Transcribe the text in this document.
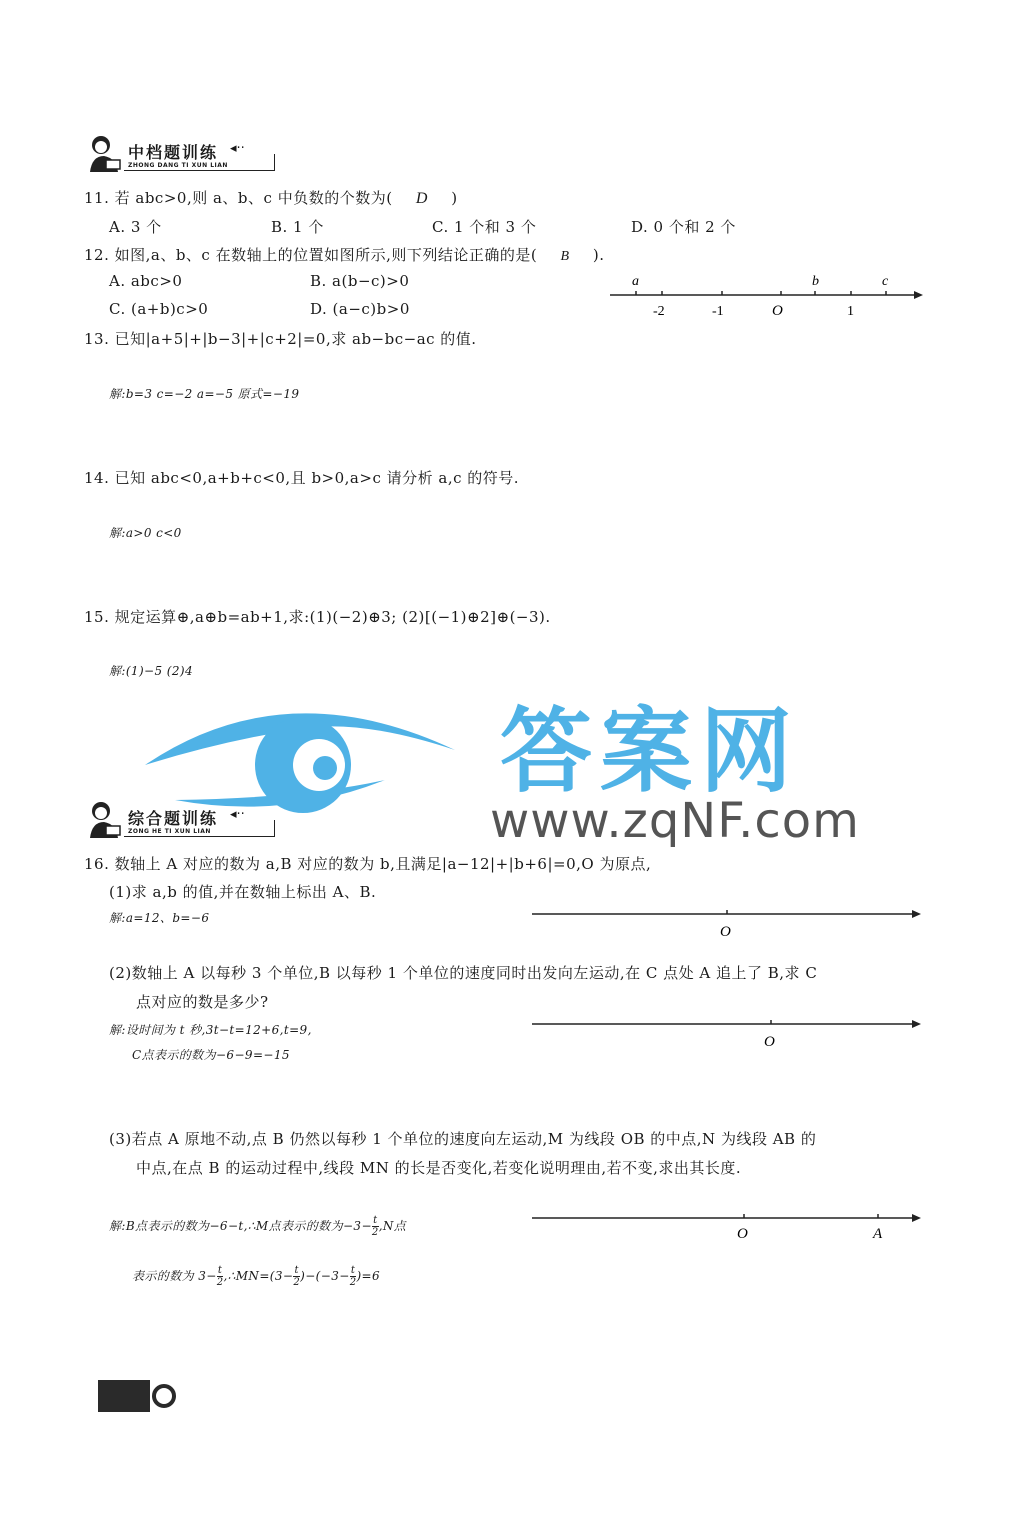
中档题训练 ◂··
ZHONG DANG TI XUN LIAN
11. 若 abc>0,则 a、b、c 中负数的个数为( D )
A. 3 个	B. 1 个	C. 1 个和 3 个	D. 0 个和 2 个
12. 如图,a、b、c 在数轴上的位置如图所示,则下列结论正确的是( B ).
A. abc>0	B. a(b−c)>0
C. (a+b)c>0	D. (a−c)b>0
a	b	c
-2	-1	O	1
13. 已知|a+5|+|b−3|+|c+2|=0,求 ab−bc−ac 的值.
解:b=3 c=−2 a=−5 原式=−19
14. 已知 abc<0,a+b+c<0,且 b>0,a>c 请分析 a,c 的符号.
解:a>0 c<0
15. 规定运算⊕,a⊕b=ab+1,求:(1)(−2)⊕3; (2)[(−1)⊕2]⊕(−3).
解:(1)−5 (2)4
答案网
www.zqNF.com
综合题训练 ◂··
ZONG HE TI XUN LIAN
16. 数轴上 A 对应的数为 a,B 对应的数为 b,且满足|a−12|+|b+6|=0,O 为原点,
(1)求 a,b 的值,并在数轴上标出 A、B.
解:a=12、b=−6
O
(2)数轴上 A 以每秒 3 个单位,B 以每秒 1 个单位的速度同时出发向左运动,在 C 点处 A 追上了 B,求 C
点对应的数是多少?
解:设时间为 t 秒,3t−t=12+6,t=9,
C点表示的数为−6−9=−15
O
(3)若点 A 原地不动,点 B 仍然以每秒 1 个单位的速度向左运动,M 为线段 OB 的中点,N 为线段 AB 的
中点,在点 B 的运动过程中,线段 MN 的长是否变化,若变化说明理由,若不变,求出其长度.
解:B点表示的数为−6−t,∴M点表示的数为$-3- \frac{t}{2} ,N$点
表示的数为 $3- \frac{t}{2}$ ,∴MN=(3− $\frac{t}{2} )-(-3- \frac{t}{2} )=6$
O	A
